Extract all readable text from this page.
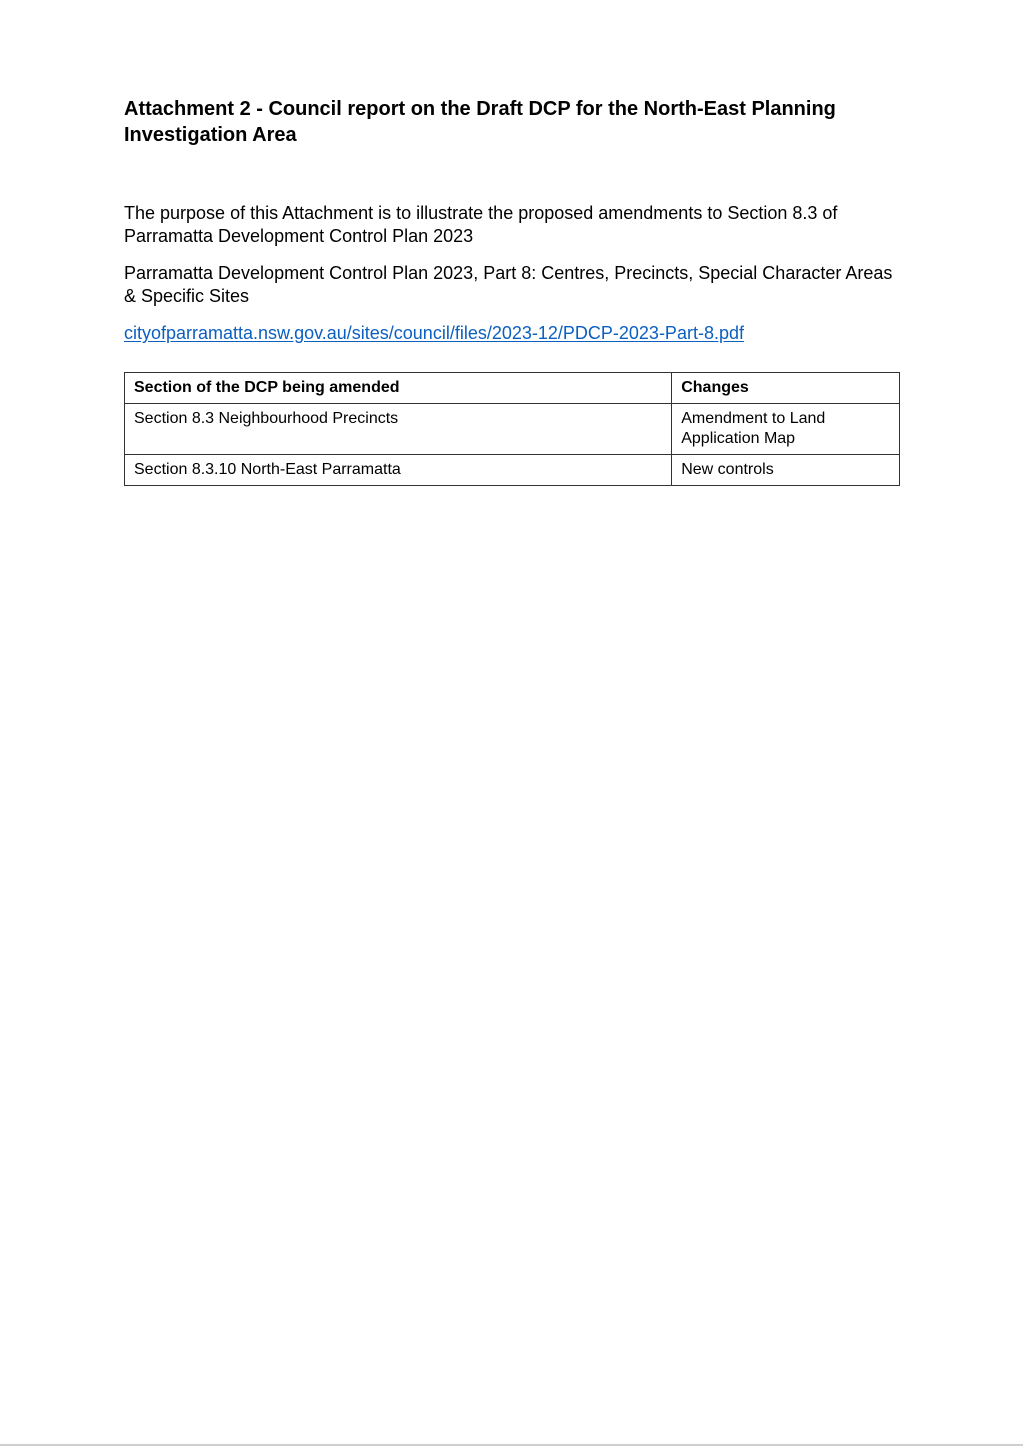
Attachment 2 - Council report on the Draft DCP for the North-East Planning Investigation Area

The purpose of this Attachment is to illustrate the proposed amendments to Section 8.3 of Parramatta Development Control Plan 2023

Parramatta Development Control Plan 2023, Part 8: Centres, Precincts, Special Character Areas & Specific Sites

cityofparramatta.nsw.gov.au/sites/council/files/2023-12/PDCP-2023-Part-8.pdf
Section of the DCP being amended	Changes
Section 8.3 Neighbourhood Precincts	Amendment to Land Application Map
Section 8.3.10 North-East Parramatta	New controls
